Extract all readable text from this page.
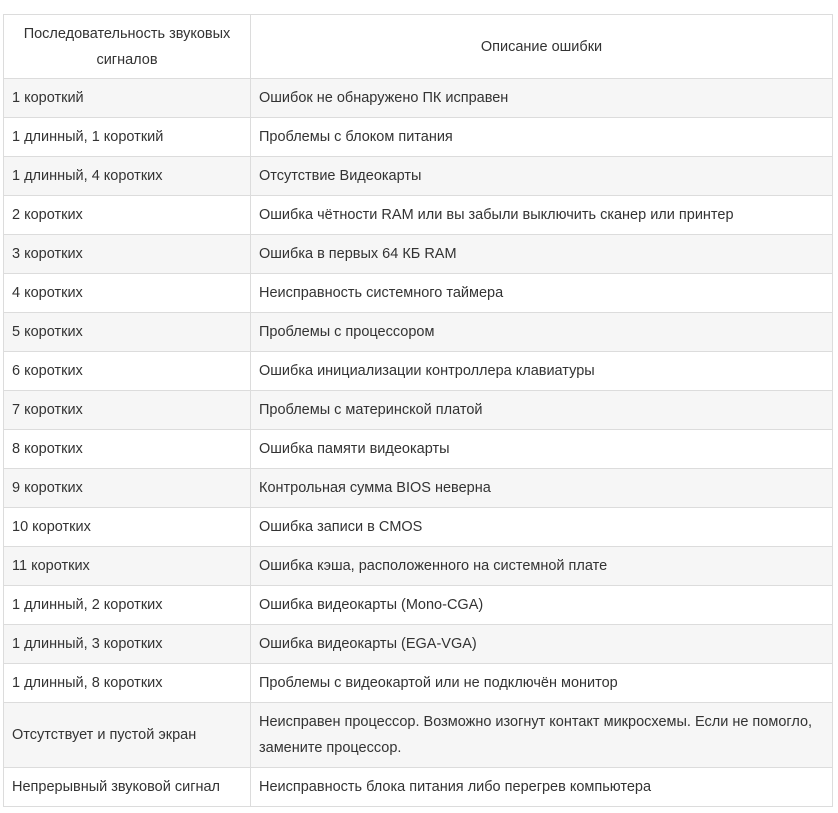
Последовательность звуковых сигналов	Описание ошибки
1 короткий	Ошибок не обнаружено ПК исправен
1 длинный, 1 короткий	Проблемы с блоком питания
1 длинный, 4 коротких	Отсутствие Видеокарты
2 коротких	Ошибка чётности RAM или вы забыли выключить сканер или принтер
3 коротких	Ошибка в первых 64 КБ RAM
4 коротких	Неисправность системного таймера
5 коротких	Проблемы с процессором
6 коротких	Ошибка инициализации контроллера клавиатуры
7 коротких	Проблемы с материнской платой
8 коротких	Ошибка памяти видеокарты
9 коротких	Контрольная сумма BIOS неверна
10 коротких	Ошибка записи в CMOS
11 коротких	Ошибка кэша, расположенного на системной плате
1 длинный, 2 коротких	Ошибка видеокарты (Mono-CGA)
1 длинный, 3 коротких	Ошибка видеокарты (EGA-VGA)
1 длинный, 8 коротких	Проблемы с видеокартой или не подключён монитор
Отсутствует и пустой экран	Неисправен процессор. Возможно изогнут контакт микросхемы. Если не помогло, замените процессор.
Непрерывный звуковой сигнал	Неисправность блока питания либо перегрев компьютера
